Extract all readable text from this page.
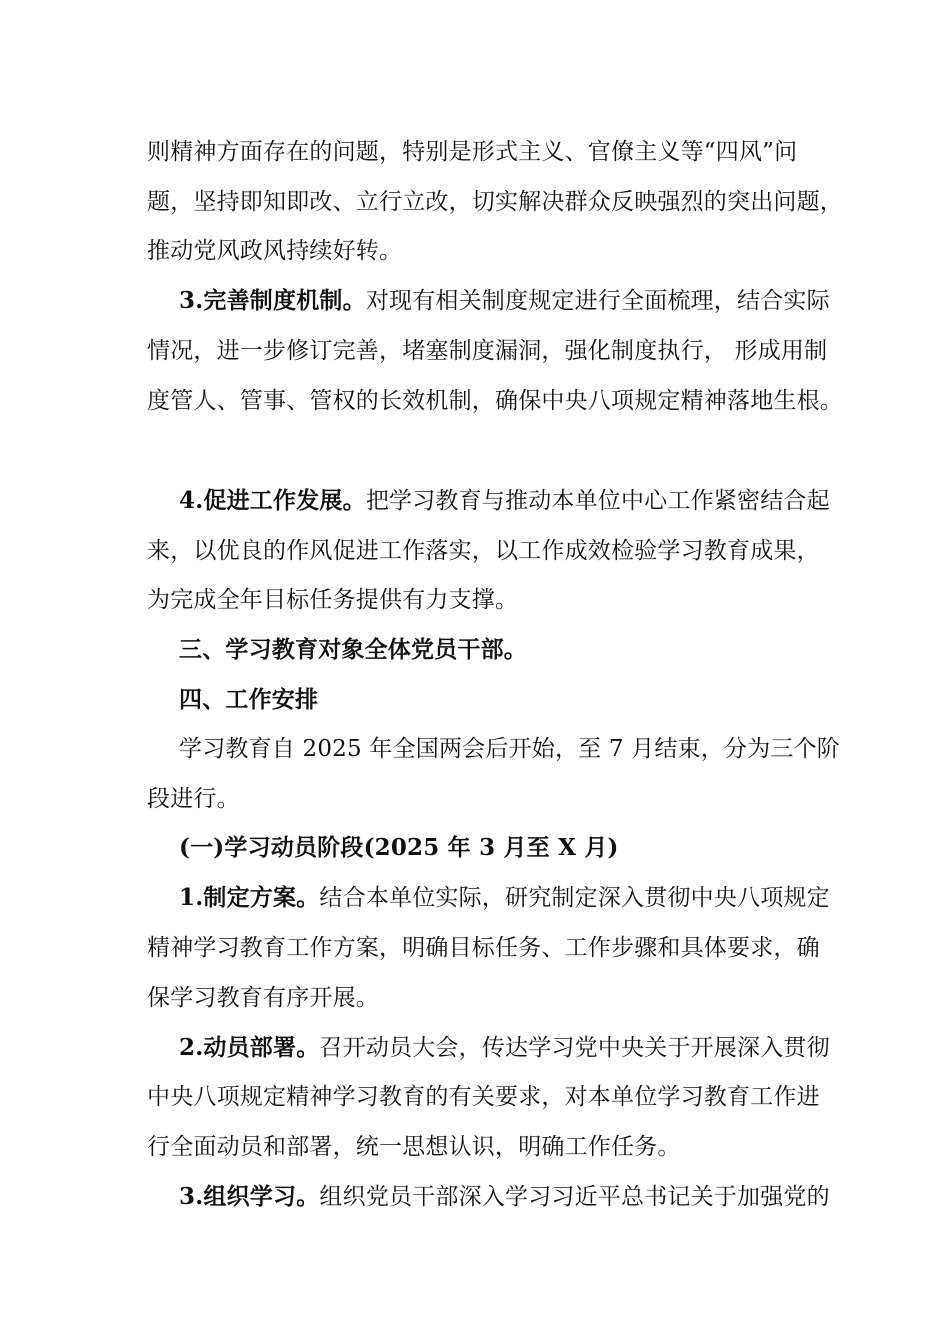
则精神方面存在的问题，特别是形式主义、官僚主义等“四风”问
题，坚持即知即改、立行立改，切实解决群众反映强烈的突出问题，
推动党风政风持续好转。
3.完善制度机制。对现有相关制度规定进行全面梳理，结合实际
情况，进一步修订完善，堵塞制度漏洞，强化制度执行， 形成用制
度管人、管事、管权的长效机制，确保中央八项规定精神落地生根。
4.促进工作发展。把学习教育与推动本单位中心工作紧密结合起
来，以优良的作风促进工作落实，以工作成效检验学习教育成果，
为完成全年目标任务提供有力支撑。
三、学习教育对象全体党员干部。
四、工作安排
学习教育自 2025 年全国两会后开始，至 7 月结束，分为三个阶
段进行。
(一)学习动员阶段(2025 年 3 月至 X 月)
1.制定方案。结合本单位实际，研究制定深入贯彻中央八项规定
精神学习教育工作方案，明确目标任务、工作步骤和具体要求，确
保学习教育有序开展。
2.动员部署。召开动员大会，传达学习党中央关于开展深入贯彻
中央八项规定精神学习教育的有关要求，对本单位学习教育工作进
行全面动员和部署，统一思想认识，明确工作任务。
3.组织学习。组织党员干部深入学习习近平总书记关于加强党的
